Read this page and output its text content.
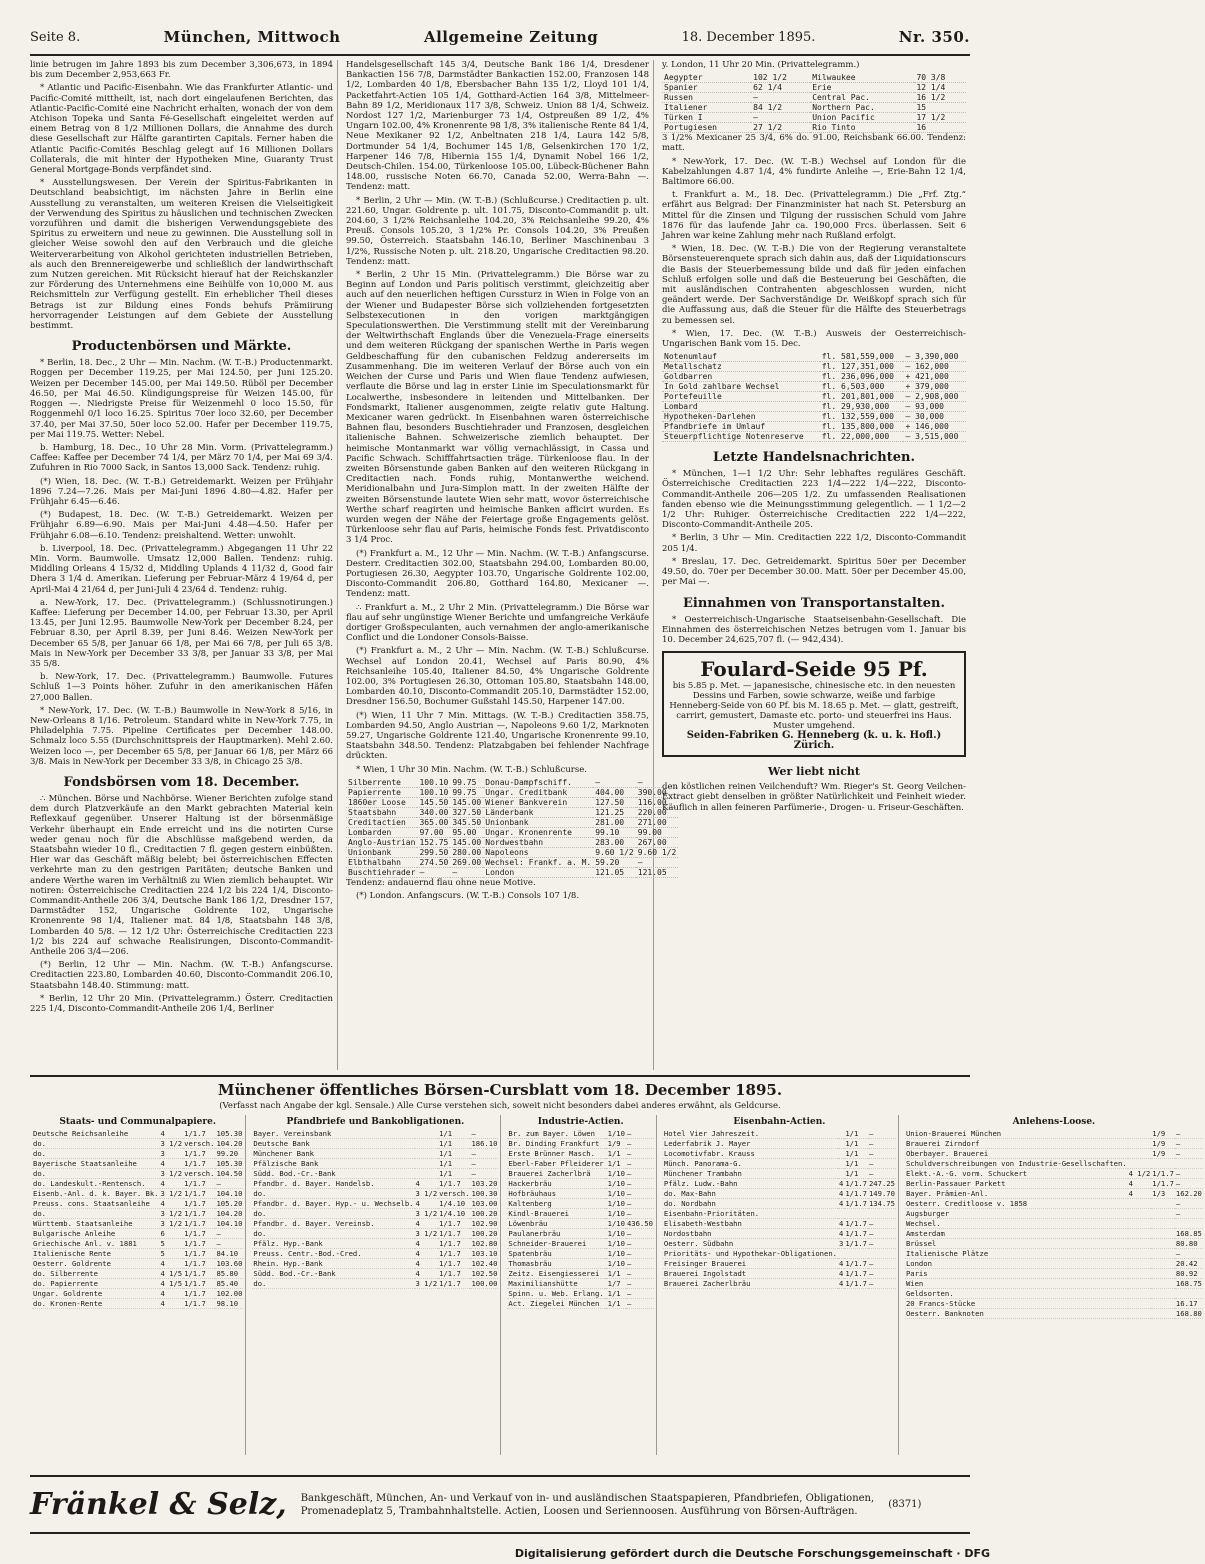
Seite 8.	München, Mittwoch	Allgemeine Zeitung	18. December 1895.	Nr. 350.

linie betrugen im Jahre 1893 bis zum December 3,306,673, in 1894 bis zum December 2,953,663 Fr.

* Atlantic und Pacific-Eisenbahn. Wie das Frankfurter Atlantic- und Pacific-Comité mittheilt, ist, nach dort eingelaufenen Berichten, das Atlantic-Pacific-Comité eine Nachricht erhalten, wonach der von dem Atchison Topeka und Santa Fé-Gesellschaft eingeleitet werden auf einem Betrag von 8 1/2 Millionen Dollars, die Annahme des durch diese Gesellschaft zur Hälfte garantirten Capitals. Ferner haben die Atlantic Pacific-Comités Beschlag gelegt auf 16 Millionen Dollars Collaterals, die mit hinter der Hypotheken Mine, Guaranty Trust General Mortgage-Bonds verpfändet sind.

* Ausstellungswesen. Der Verein der Spiritus-Fabrikanten in Deutschland beabsichtigt, im nächsten Jahre in Berlin eine Ausstellung zu veranstalten, um weiteren Kreisen die Vielseitigkeit der Verwendung des Spiritus zu häuslichen und technischen Zwecken vorzuführen und damit die bisherigen Verwendungsgebiete des Spiritus zu erweitern und neue zu gewinnen. Die Ausstellung soll in gleicher Weise sowohl den auf den Verbrauch und die gleiche Weiterverarbeitung von Alkohol gerichteten industriellen Betrieben, als auch den Brennereigewerbe und schließlich der landwirthschaft zum Nutzen gereichen. Mit Rücksicht hierauf hat der Reichskanzler zur Förderung des Unternehmens eine Beihülfe von 10,000 M. aus Reichsmitteln zur Verfügung gestellt. Ein erheblicher Theil dieses Betrags ist zur Bildung eines Fonds behufs Prämiirung hervorragender Leistungen auf dem Gebiete der Ausstellung bestimmt.

Productenbörsen und Märkte.

* Berlin, 18. Dec., 2 Uhr — Min. Nachm. (W. T.-B.) Productenmarkt. Roggen per December 119.25, per Mai 124.50, per Juni 125.20. Weizen per December 145.00, per Mai 149.50. Rüböl per December 46.50, per Mai 46.50. Kündigungspreise für Weizen 145.00, für Roggen —. Niedrigste Preise für Weizenmehl 0 loco 15.50, für Roggenmehl 0/1 loco 16.25. Spiritus 70er loco 32.60, per December 37.40, per Mai 37.50, 50er loco 52.00. Hafer per December 119.75, per Mai 119.75. Wetter: Nebel.

b. Hamburg, 18. Dec., 10 Uhr 28 Min. Vorm. (Privattelegramm.) Caffee: Kaffee per December 74 1/4, per März 70 1/4, per Mai 69 3/4. Zufuhren in Rio 7000 Sack, in Santos 13,000 Sack. Tendenz: ruhig.

(*) Wien, 18. Dec. (W. T.-B.) Getreidemarkt. Weizen per Frühjahr 1896 7.24—7.26. Mais per Mai-Juni 1896 4.80—4.82. Hafer per Frühjahr 6.45—6.46.

(*) Budapest, 18. Dec. (W. T.-B.) Getreidemarkt. Weizen per Frühjahr 6.89—6.90. Mais per Mai-Juni 4.48—4.50. Hafer per Frühjahr 6.08—6.10. Tendenz: preishaltend. Wetter: unwohlt.

b. Liverpool, 18. Dec. (Privattelegramm.) Abgegangen 11 Uhr 22 Min. Vorm. Baumwolle. Umsatz 12,000 Ballen. Tendenz: ruhig. Middling Orleans 4 15/32 d, Middling Uplands 4 11/32 d, Good fair Dhera 3 1/4 d. Amerikan. Lieferung per Februar-März 4 19/64 d, per April-Mai 4 21/64 d, per Juni-Juli 4 23/64 d. Tendenz: ruhig.

a. New-York, 17. Dec. (Privattelegramm.) (Schlussnotirungen.) Kaffee: Lieferung per December 14.00, per Februar 13.30, per April 13.45, per Juni 12.95. Baumwolle New-York per December 8.24, per Februar 8.30, per April 8.39, per Juni 8.46. Weizen New-York per December 65 5/8, per Januar 66 1/8, per Mai 66 7/8, per Juli 65 3/8. Mais in New-York per December 33 3/8, per Januar 33 3/8, per Mai 35 5/8.

b. New-York, 17. Dec. (Privattelegramm.) Baumwolle. Futures Schluß 1—3 Points höher. Zufuhr in den amerikanischen Häfen 27,000 Ballen.

* New-York, 17. Dec. (W. T.-B.) Baumwolle in New-York 8 5/16, in New-Orleans 8 1/16. Petroleum. Standard white in New-York 7.75, in Philadelphia 7.75. Pipeline Certificates per December 148.00. Schmalz loco 5.55 (Durchschnittspreis der Hauptmarken). Mehl 2.60. Weizen loco —, per December 65 5/8, per Januar 66 1/8, per März 66 3/8. Mais in New-York per December 33 3/8, in Chicago 25 3/8.

Fondsbörsen vom 18. December.

∴ München. Börse und Nachbörse. Wiener Berichten zufolge stand dem durch Platzverkäufe an den Markt gebrachten Material kein Reflexkauf gegenüber. Unserer Haltung ist der börsenmäßige Verkehr überhaupt ein Ende erreicht und ins die notirten Curse weder genau noch für die Abschlüsse maßgebend werden, da Staatsbahn wieder 10 fl., Creditactien 7 fl. gegen gestern einbüßten. Hier war das Geschäft mäßig belebt; bei österreichischen Effecten verkehrte man zu den gestrigen Paritäten; deutsche Banken und andere Werthe waren im Verhältniß zu Wien ziemlich behauptet. Wir notiren: Österreichische Creditactien 224 1/2 bis 224 1/4, Disconto-Commandit-Antheile 206 3/4, Deutsche Bank 186 1/2, Dresdner 157, Darmstädter 152, Ungarische Goldrente 102, Ungarische Kronenrente 98 1/4, Italiener mat. 84 1/8, Staatsbahn 148 3/8, Lombarden 40 5/8. — 12 1/2 Uhr: Österreichische Creditactien 223 1/2 bis 224 auf schwache Realisirungen, Disconto-Commandit-Antheile 206 3/4—206.

(*) Berlin, 12 Uhr — Min. Nachm. (W. T.-B.) Anfangscurse. Creditactien 223.80, Lombarden 40.60, Disconto-Commandit 206.10, Staatsbahn 148.40. Stimmung: matt.

* Berlin, 12 Uhr 20 Min. (Privattelegramm.) Österr. Creditactien 225 1/4, Disconto-Commandit-Antheile 206 1/4, Berliner

Handelsgesellschaft 145 3/4, Deutsche Bank 186 1/4, Dresdener Bankactien 156 7/8, Darmstädter Bankactien 152.00, Franzosen 148 1/2, Lombarden 40 1/8, Ebersbacher Bahn 135 1/2, Lloyd 101 1/4, Packetfahrt-Actien 105 1/4, Gotthard-Actien 164 3/8, Mittelmeer-Bahn 89 1/2, Meridionaux 117 3/8, Schweiz. Union 88 1/4, Schweiz. Nordost 127 1/2, Marienburger 73 1/4, Ostpreußen 89 1/2, 4% Ungarn 102.00, 4% Kronenrente 98 1/8, 3% italienische Rente 84 1/4, Neue Mexikaner 92 1/2, Anbeltnaten 218 1/4, Laura 142 5/8, Dortmunder 54 1/4, Bochumer 145 1/8, Gelsenkirchen 170 1/2, Harpener 146 7/8, Hibernia 155 1/4, Dynamit Nobel 166 1/2, Deutsch-Chilen. 154.00, Türkenloose 105.00, Lübeck-Büchener Bahn 148.00, russische Noten 66.70, Canada 52.00, Werra-Bahn —. Tendenz: matt.

* Berlin, 2 Uhr — Min. (W. T.-B.) (Schlußcurse.) Creditactien p. ult. 221.60, Ungar. Goldrente p. ult. 101.75, Disconto-Commandit p. ult. 204.60, 3 1/2% Reichsanleihe 104.20, 3% Reichsanleihe 99.20, 4% Preuß. Consols 105.20, 3 1/2% Pr. Consols 104.20, 3% Preußen 99.50, Österreich. Staatsbahn 146.10, Berliner Maschinenbau 3 1/2%, Russische Noten p. ult. 218.20, Ungarische Creditactien 98.20. Tendenz: matt.

* Berlin, 2 Uhr 15 Min. (Privattelegramm.) Die Börse war zu Beginn auf London und Paris politisch verstimmt, gleichzeitig aber auch auf den neuerlichen heftigen Curssturz in Wien in Folge von an der Wiener und Budapester Börse sich vollziehenden fortgesetzten Selbstexecutionen in den vorigen marktgängigen Speculationswerthen. Die Verstimmung stellt mit der Vereinbarung der Weltwirthschaft Englands über die Venezuela-Frage einerseits und dem weiteren Rückgang der spanischen Werthe in Paris wegen Geldbeschaffung für den cubanischen Feldzug andererseits im Zusammenhang. Die im weiteren Verlauf der Börse auch von ein Weichen der Curse und Paris und Wien flaue Tendenz aufwiesen, verflaute die Börse und lag in erster Linie im Speculationsmarkt für Localwerthe, insbesondere in leitenden und Mittelbanken. Der Fondsmarkt, Italiener ausgenommen, zeigte relativ gute Haltung. Mexicaner waren gedrückt. In Eisenbahnen waren österreichische Bahnen flau, besonders Buschtiehrader und Franzosen, desgleichen italienische Bahnen. Schweizerische ziemlich behauptet. Der heimische Montanmarkt war völlig vernachlässigt, in Cassa und Pacific Schwach. Schifffahrtsactien träge. Türkenloose flau. In der zweiten Börsenstunde gaben Banken auf den weiteren Rückgang in Creditactien nach. Fonds ruhig, Montanwerthe weichend. Meridionalbahn und Jura-Simplon matt. In der zweiten Hälfte der zweiten Börsenstunde lautete Wien sehr matt, wovor österreichische Werthe scharf reagirten und heimische Banken afficirt wurden. Es wurden wegen der Nähe der Feiertage große Engagements gelöst. Türkenloose sehr flau auf Paris, heimische Fonds fest. Privatdisconto 3 1/4 Proc.

(*) Frankfurt a. M., 12 Uhr — Min. Nachm. (W. T.-B.) Anfangscurse. Desterr. Creditactien 302.00, Staatsbahn 294.00, Lombarden 80.00, Portugiesen 26.30, Aegypter 103.70, Ungarische Goldrente 102.00, Disconto-Commandit 206.80, Gotthard 164.80, Mexicaner —. Tendenz: matt.

∴ Frankfurt a. M., 2 Uhr 2 Min. (Privattelegramm.) Die Börse war flau auf sehr ungünstige Wiener Berichte und umfangreiche Verkäufe dortiger Großspeculanten, auch vernahmen der anglo-amerikanische Conflict und die Londoner Consols-Baisse.

(*) Frankfurt a. M., 2 Uhr — Min. Nachm. (W. T.-B.) Schlußcurse. Wechsel auf London 20.41, Wechsel auf Paris 80.90, 4% Reichsanleihe 105.40, Italiener 84.50, 4% Ungarische Goldrente 102.00, 3% Portugiesen 26.30, Ottoman 105.80, Staatsbahn 148.00, Lombarden 40.10, Disconto-Commandit 205.10, Darmstädter 152.00, Dresdner 156.50, Bochumer Gußstahl 145.50, Harpener 147.00.

(*) Wien, 11 Uhr 7 Min. Mittags. (W. T.-B.) Creditactien 358.75, Lombarden 94.50, Anglo Austrian —, Napoleons 9.60 1/2, Marknoten 59.27, Ungarische Goldrente 121.40, Ungarische Kronenrente 99.10, Staatsbahn 348.50. Tendenz: Platzabgaben bei fehlender Nachfrage drückten.

* Wien, 1 Uhr 30 Min. Nachm. (W. T.-B.) Schlußcurse.

Silberrente	100.10	99.75	Donau-Dampfschiff.	—	—
Papierrente	100.10	99.75	Ungar. Creditbank	404.00	390.00
1860er Loose	145.50	145.00	Wiener Bankverein	127.50	116.00
Staatsbahn	340.00	327.50	Länderbank	121.25	220.00
Creditactien	365.00	345.50	Unionbank	281.00	271.00
Lombarden	97.00	95.00	Ungar. Kronenrente	99.10	99.00
Anglo-Austrian	152.75	145.00	Nordwestbahn	283.00	267.00
Unionbank	299.50	280.00	Napoleons	9.60 1/2	9.60 1/2
Elbthalbahn	274.50	269.00	Wechsel: Frankf. a. M.	59.20	—
Buschtiehrader	—	—	London	121.05	121.05

Tendenz: andauernd flau ohne neue Motive.

(*) London. Anfangscurs. (W. T.-B.) Consols 107 1/8.

y. London, 11 Uhr 20 Min. (Privattelegramm.)

Aegypter	102 1/2	Milwaukee	70 3/8
Spanier	62 1/4	Erie	12 1/4
Russen	—	Central Pac.	16 1/2
Italiener	84 1/2	Northern Pac.	15
Türken I	—	Union Pacific	17 1/2
Portugiesen	27 1/2	Rio Tinto	16

3 1/2% Mexicaner 25 3/4, 6% do. 91.00, Reichsbank 66.00. Tendenz: matt.

* New-York, 17. Dec. (W. T.-B.) Wechsel auf London für die Kabelzahlungen 4.87 1/4, 4% fundirte Anleihe —, Erie-Bahn 12 1/4, Baltimore 66.00.

t. Frankfurt a. M., 18. Dec. (Privattelegramm.) Die „Frf. Ztg.“ erfährt aus Belgrad: Der Finanzminister hat nach St. Petersburg an Mittel für die Zinsen und Tilgung der russischen Schuld vom Jahre 1876 für das laufende Jahr ca. 190,000 Frcs. überlassen. Seit 6 Jahren war keine Zahlung mehr nach Rußland erfolgt.

* Wien, 18. Dec. (W. T.-B.) Die von der Regierung veranstaltete Börsensteuerenquete sprach sich dahin aus, daß der Liquidationscurs die Basis der Steuerbemessung bilde und daß für jeden einfachen Schluß erfolgen solle und daß die Besteuerung bei Geschäften, die mit ausländischen Contrahenten abgeschlossen wurden, nicht geändert werde. Der Sachverständige Dr. Weißkopf sprach sich für die Auffassung aus, daß die Steuer für die Hälfte des Steuerbetrags zu bemessen sei.

* Wien, 17. Dec. (W. T.-B.) Ausweis der Oesterreichisch-Ungarischen Bank vom 15. Dec.

Notenumlauf	fl. 581,559,000	— 3,390,000
Metallschatz	fl. 127,351,000	— 162,000
Goldbarren	fl. 236,096,000	+ 421,000
In Gold zahlbare Wechsel	fl. 6,503,000	+ 379,000
Portefeuille	fl. 201,801,000	— 2,908,000
Lombard	fl. 29,930,000	— 93,000
Hypotheken-Darlehen	fl. 132,559,000	— 30,000
Pfandbriefe im Umlauf	fl. 135,800,000	+ 146,000
Steuerpflichtige Notenreserve	fl. 22,000,000	— 3,515,000
Letzte Handelsnachrichten.

* München, 1—1 1/2 Uhr: Sehr lebhaftes reguläres Geschäft. Österreichische Creditactien 223 1/4—222 1/4—222, Disconto-Commandit-Antheile 206—205 1/2. Zu umfassenden Realisationen fanden ebenso wie die Meinungsstimmung gelegentlich. — 1 1/2—2 1/2 Uhr: Ruhiger. Österreichische Creditactien 222 1/4—222, Disconto-Commandit-Antheile 205.

* Berlin, 3 Uhr — Min. Creditactien 222 1/2, Disconto-Commandit 205 1/4.

* Breslau, 17. Dec. Getreidemarkt. Spiritus 50er per December 49.50, do. 70er per December 30.00. Matt. 50er per December 45.00, per Mai —.

Einnahmen von Transportanstalten.

* Oesterreichisch-Ungarische Staatseisenbahn-Gesellschaft. Die Einnahmen des österreichischen Netzes betrugen vom 1. Januar bis 10. December 24,625,707 fl. (— 942,434).

Foulard-Seide 95 Pf.
bis 5.85 p. Met. — japanesische, chinesische etc. in den neuesten Dessins und Farben, sowie schwarze, weiße und farbige Henneberg-Seide von 60 Pf. bis M. 18.65 p. Met. — glatt, gestreift, carrirt, gemustert, Damaste etc. porto- und steuerfrei ins Haus. Muster umgehend.
Seiden-Fabriken G. Henneberg (k. u. k. Hofl.) Zürich.
Wer liebt nicht

den köstlichen reinen Veilchenduft? Wm. Rieger's St. Georg Veilchen-Extract giebt denselben in größter Natürlichkeit und Feinheit wieder. Käuflich in allen feineren Parfümerie-, Drogen- u. Friseur-Geschäften.

Münchener öffentliches Börsen-Cursblatt vom 18. December 1895.
(Verfasst nach Angabe der kgl. Sensale.) Alle Curse verstehen sich, soweit nicht besonders dabei anderes erwähnt, als Geldcurse.
Staats- und Communalpapiere.
Deutsche Reichsanleihe	4	1/1.7	105.30
do.	3 1/2	versch.	104.20
do.	3	1/1.7	99.20
Bayerische Staatsanleihe	4	1/1.7	105.30
do.	3 1/2	versch.	104.50
do. Landeskult.-Rentensch.	4	1/1.7	—
Eisenb.-Anl. d. k. Bayer. Bk.	3 1/2	1/1.7	104.10
Preuss. cons. Staatsanleihe	4	1/1.7	105.20
do.	3 1/2	1/1.7	104.20
Württemb. Staatsanleihe	3 1/2	1/1.7	104.10
Bulgarische Anleihe	6	1/1.7	—
Griechische Anl. v. 1881	5	1/1.7	—
Italienische Rente	5	1/1.7	84.10
Oesterr. Goldrente	4	1/1.7	103.60
do. Silberrente	4 1/5	1/1.7	85.80
do. Papierrente	4 1/5	1/1.7	85.40
Ungar. Goldrente	4	1/1.7	102.00
do. Kronen-Rente	4	1/1.7	98.10
Pfandbriefe und Bankobligationen.
Bayer. Vereinsbank		1/1	—
Deutsche Bank		1/1	186.10
Münchener Bank		1/1	—
Pfälzische Bank		1/1	—
Südd. Bod.-Cr.-Bank		1/1	—
Pfandbr. d. Bayer. Handelsb.	4	1/1.7	103.20
do.	3 1/2	versch.	100.30
Pfandbr. d. Bayer. Hyp.- u. Wechselb.	4	1/4.10	103.00
do.	3 1/2	1/4.10	100.20
Pfandbr. d. Bayer. Vereinsb.	4	1/1.7	102.90
do.	3 1/2	1/1.7	100.20
Pfälz. Hyp.-Bank	4	1/1.7	102.80
Preuss. Centr.-Bod.-Cred.	4	1/1.7	103.10
Rhein. Hyp.-Bank	4	1/1.7	102.40
Südd. Bod.-Cr.-Bank	4	1/1.7	102.50
do.	3 1/2	1/1.7	100.00
Industrie-Actien.
Br. zum Bayer. Löwen		1/10	—
Br. Dinding Frankfurt		1/9	—
Erste Brünner Masch.		1/1	—
Eberl-Faber Pfleiderer		1/1	—
Brauerei Zacherlbrä		1/10	—
Hackerbräu		1/10	—
Hofbräuhaus		1/10	—
Kaltenberg		1/10	—
Kindl-Brauerei		1/10	—
Löwenbräu		1/10	436.50
Paulanerbräu		1/10	—
Schneider-Brauerei		1/10	—
Spatenbräu		1/10	—
Thomasbräu		1/10	—
Zeitz. Eisengiesserei		1/1	—
Maximilianshütte		1/7	—
Spinn. u. Web. Erlang.		1/1	—
Act. Ziegelei München		1/1	—
Eisenbahn-Actien.
Hotel Vier Jahreszeit.		1/1	—
Lederfabrik J. Mayer		1/1	—
Locomotivfabr. Krauss		1/1	—
Münch. Panorama-G.		1/1	—
Münchener Trambahn		1/1	—
Pfälz. Ludw.-Bahn	4	1/1.7	247.25
do. Max-Bahn	4	1/1.7	149.70
do. Nordbahn	4	1/1.7	134.75
Eisenbahn-Prioritäten.			
Elisabeth-Westbahn	4	1/1.7	—
Nordostbahn	4	1/1.7	—
Oesterr. Südbahn	3	1/1.7	—
Prioritäts- und Hypothekar-Obligationen.			
Freisinger Brauerei	4	1/1.7	—
Brauerei Ingolstadt	4	1/1.7	—
Brauerei Zacherlbräu	4	1/1.7	—
Anlehens-Loose.
Union-Brauerei München		1/9	—
Brauerei Zirndorf		1/9	—
Oberbayer. Brauerei		1/9	—
Schuldverschreibungen von Industrie-Gesellschaften.			
Elekt.-A.-G. vorm. Schuckert	4 1/2	1/1.7	—
Berlin-Passauer Parkett	4	1/1.7	—
Bayer. Prämien-Anl.	4	1/3	162.20
Oesterr. Creditloose v. 1858			—
Augsburger			—
Wechsel.			
Amsterdam			168.85
Brüssel			80.80
Italienische Plätze			—
London			20.42
Paris			80.92
Wien			168.75
Geldsorten.			
20 Francs-Stücke			16.17
Oesterr. Banknoten			168.80
Fränkel & Selz, Bankgeschäft, München, An- und Verkauf von in- und ausländischen Staatspapieren, Pfandbriefen, Obligationen,
Promenadeplatz 5, Trambahnhaltstelle. Actien, Loosen und Seriennoosen. Ausführung von Börsen-Aufträgen.
(8371)
Digitalisierung gefördert durch die Deutsche Forschungsgemeinschaft · DFG
